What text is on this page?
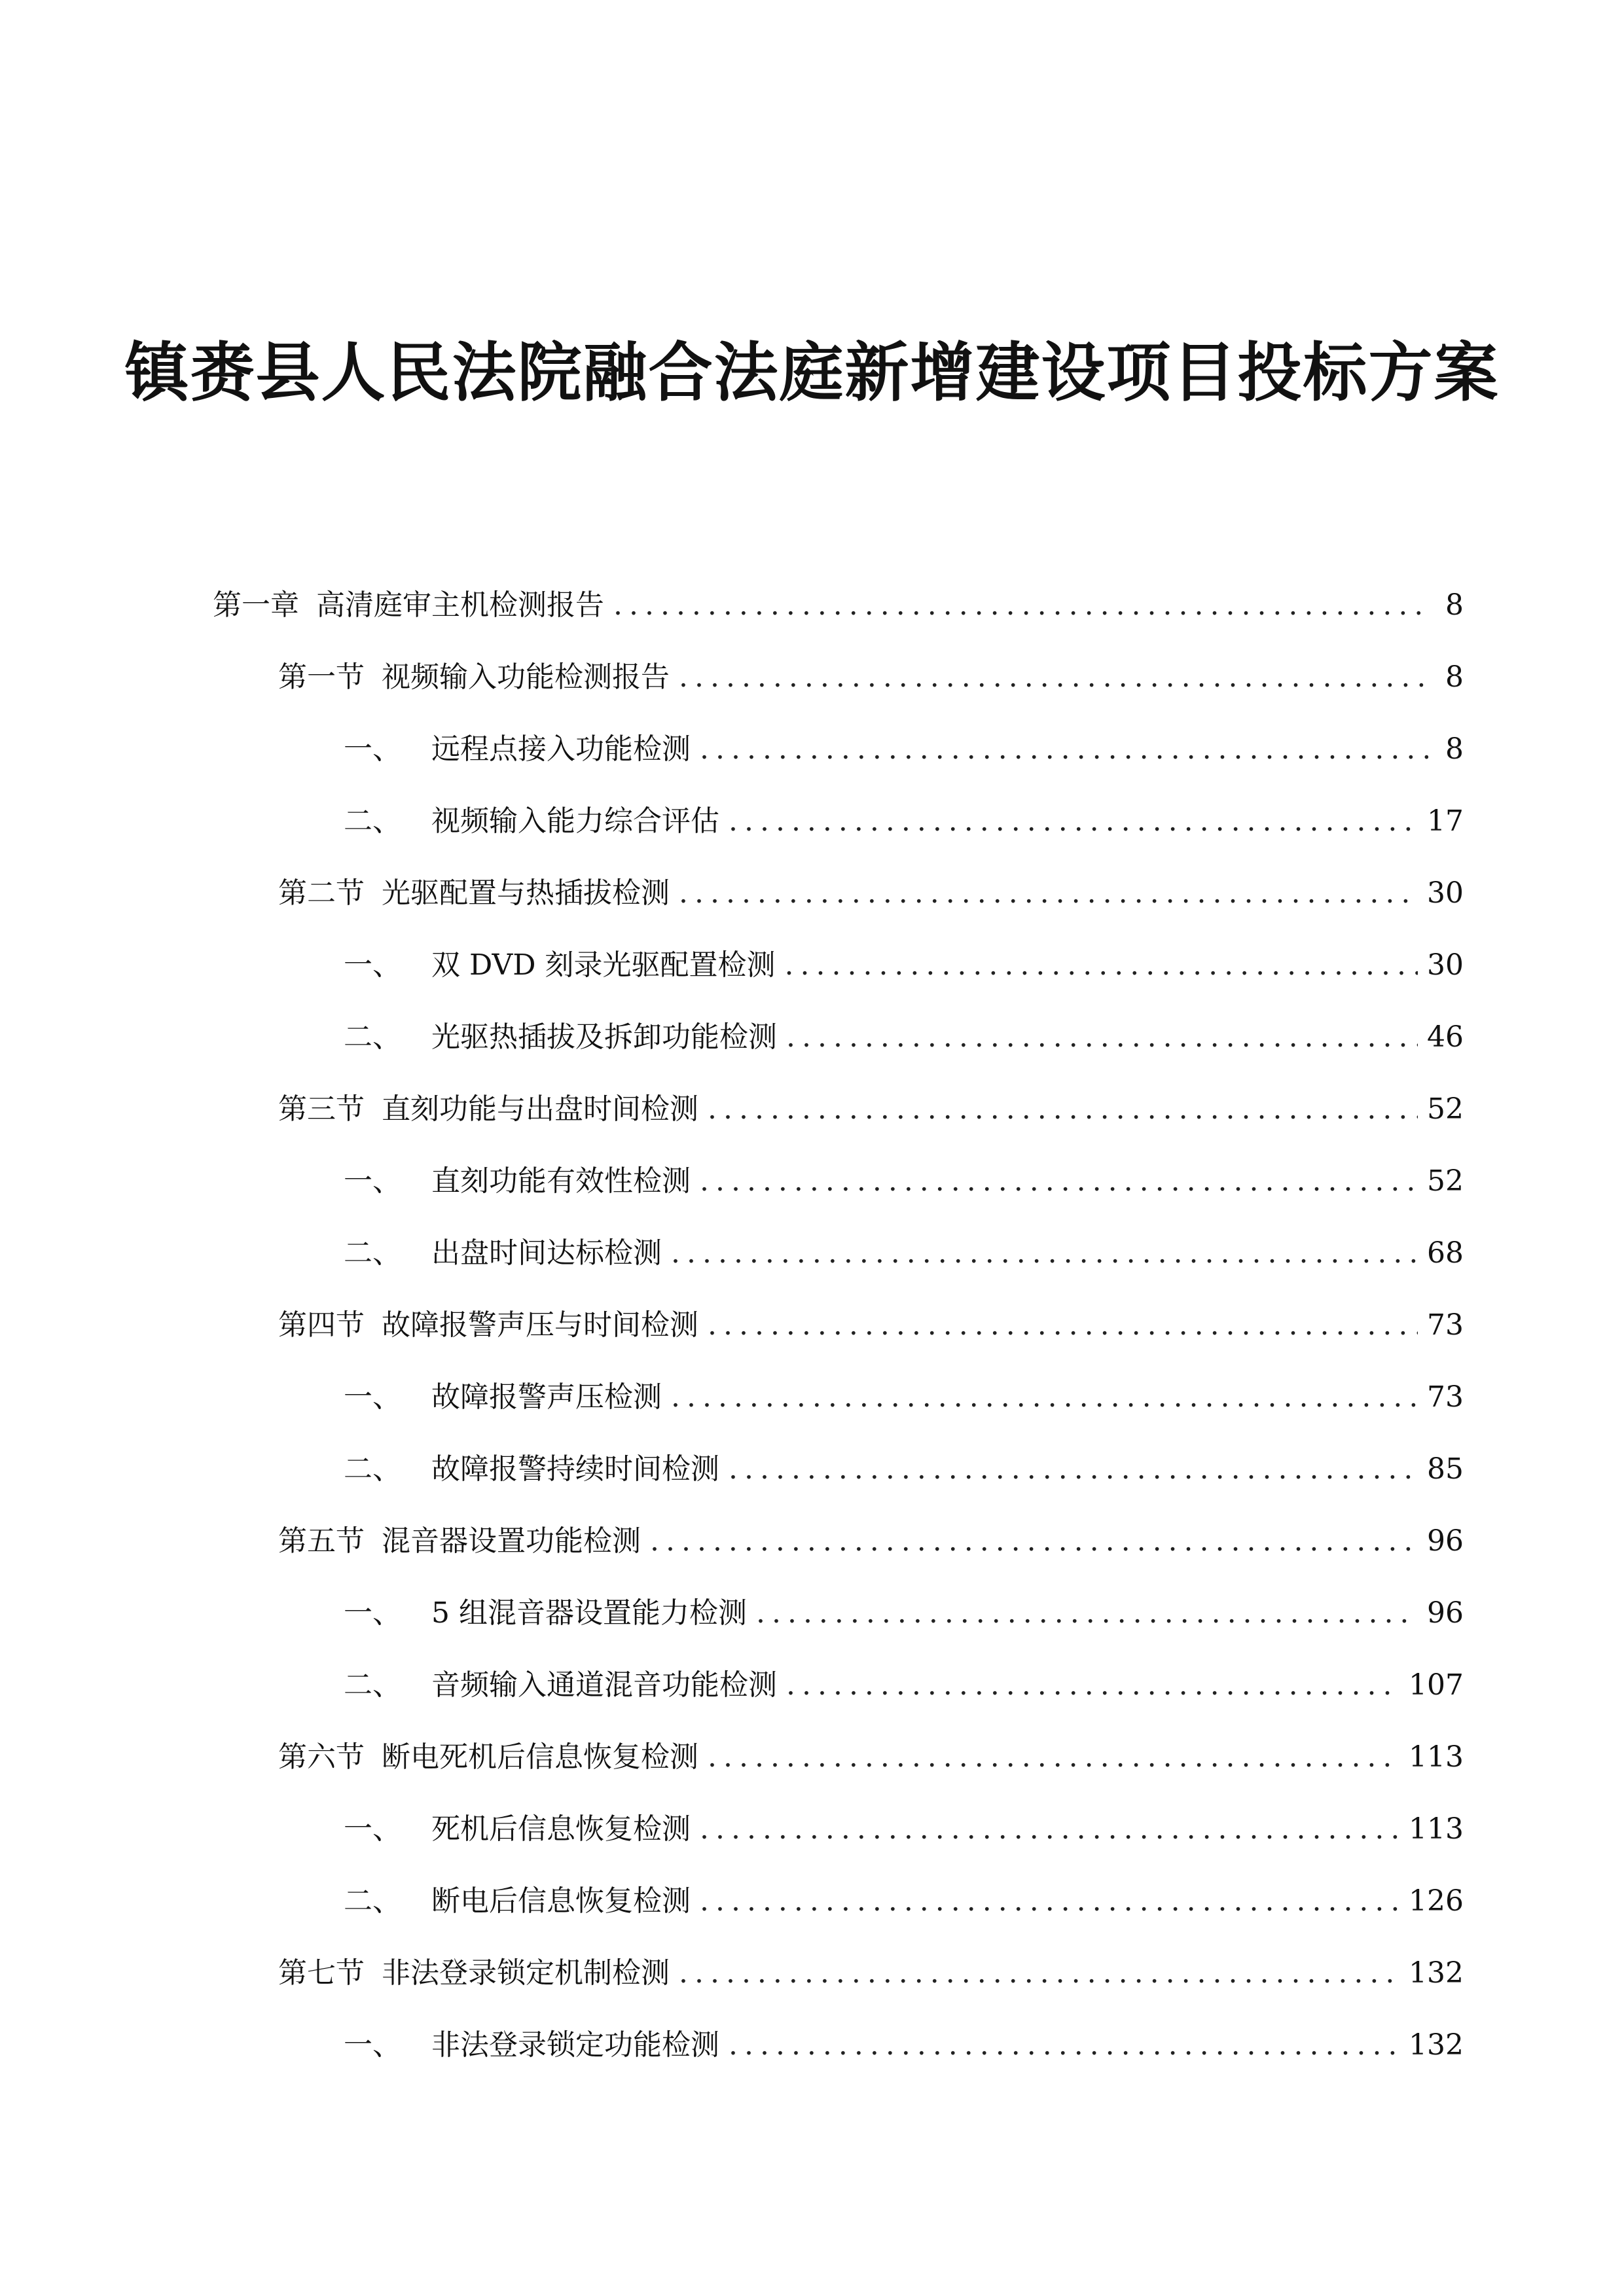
镇赉县人民法院融合法庭新增建设项目投标方案
第一章 高清庭审主机检测报告 .....	8
第一节 视频输入功能检测报告 .....	8
一、 远程点接入功能检测 .....	8
二、 视频输入能力综合评估 .....	17
第二节 光驱配置与热插拔检测 .....	30
一、 双 DVD 刻录光驱配置检测 .....	30
二、 光驱热插拔及拆卸功能检测 .....	46
第三节 直刻功能与出盘时间检测 .....	52
一、 直刻功能有效性检测 .....	52
二、 出盘时间达标检测 .....	68
第四节 故障报警声压与时间检测 .....	73
一、 故障报警声压检测 .....	73
二、 故障报警持续时间检测 .....	85
第五节 混音器设置功能检测 .....	96
一、 5 组混音器设置能力检测 .....	96
二、 音频输入通道混音功能检测 .....	107
第六节 断电死机后信息恢复检测 .....	113
一、 死机后信息恢复检测 .....	113
二、 断电后信息恢复检测 .....	126
第七节 非法登录锁定机制检测 .....	132
一、 非法登录锁定功能检测 .....	132
